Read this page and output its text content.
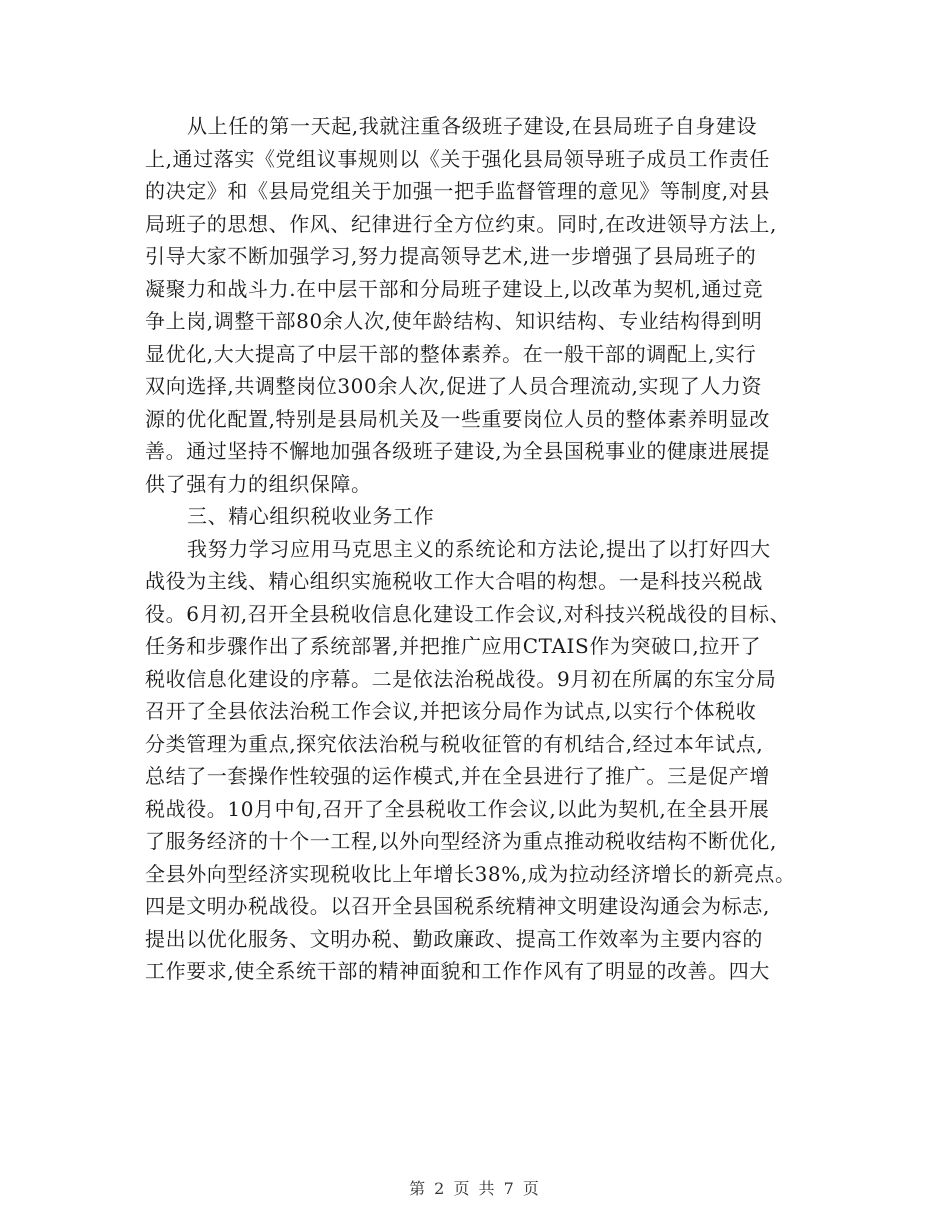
从上任的第一天起,我就注重各级班子建设,在县局班子自身建设
上,通过落实《党组议事规则以《关于强化县局领导班子成员工作责任
的决定》和《县局党组关于加强一把手监督管理的意见》等制度,对县
局班子的思想、作风、纪律进行全方位约束。同时,在改进领导方法上,
引导大家不断加强学习,努力提高领导艺术,进一步增强了县局班子的
凝聚力和战斗力.在中层干部和分局班子建设上,以改革为契机,通过竞
争上岗,调整干部80余人次,使年龄结构、知识结构、专业结构得到明
显优化,大大提高了中层干部的整体素养。在一般干部的调配上,实行
双向选择,共调整岗位300余人次,促进了人员合理流动,实现了人力资
源的优化配置,特别是县局机关及一些重要岗位人员的整体素养明显改
善。通过坚持不懈地加强各级班子建设,为全县国税事业的健康进展提
供了强有力的组织保障。
三、精心组织税收业务工作
我努力学习应用马克思主义的系统论和方法论,提出了以打好四大
战役为主线、精心组织实施税收工作大合唱的构想。一是科技兴税战
役。6月初,召开全县税收信息化建设工作会议,对科技兴税战役的目标、
任务和步骤作出了系统部署,并把推广应用CTAIS作为突破口,拉开了
税收信息化建设的序幕。二是依法治税战役。9月初在所属的东宝分局
召开了全县依法治税工作会议,并把该分局作为试点,以实行个体税收
分类管理为重点,探究依法治税与税收征管的有机结合,经过本年试点,
总结了一套操作性较强的运作模式,并在全县进行了推广。三是促产增
税战役。10月中旬,召开了全县税收工作会议,以此为契机,在全县开展
了服务经济的十个一工程,以外向型经济为重点推动税收结构不断优化,
全县外向型经济实现税收比上年增长38%,成为拉动经济增长的新亮点。
四是文明办税战役。以召开全县国税系统精神文明建设沟通会为标志,
提出以优化服务、文明办税、勤政廉政、提高工作效率为主要内容的
工作要求,使全系统干部的精神面貌和工作作风有了明显的改善。四大
第 2 页 共 7 页
